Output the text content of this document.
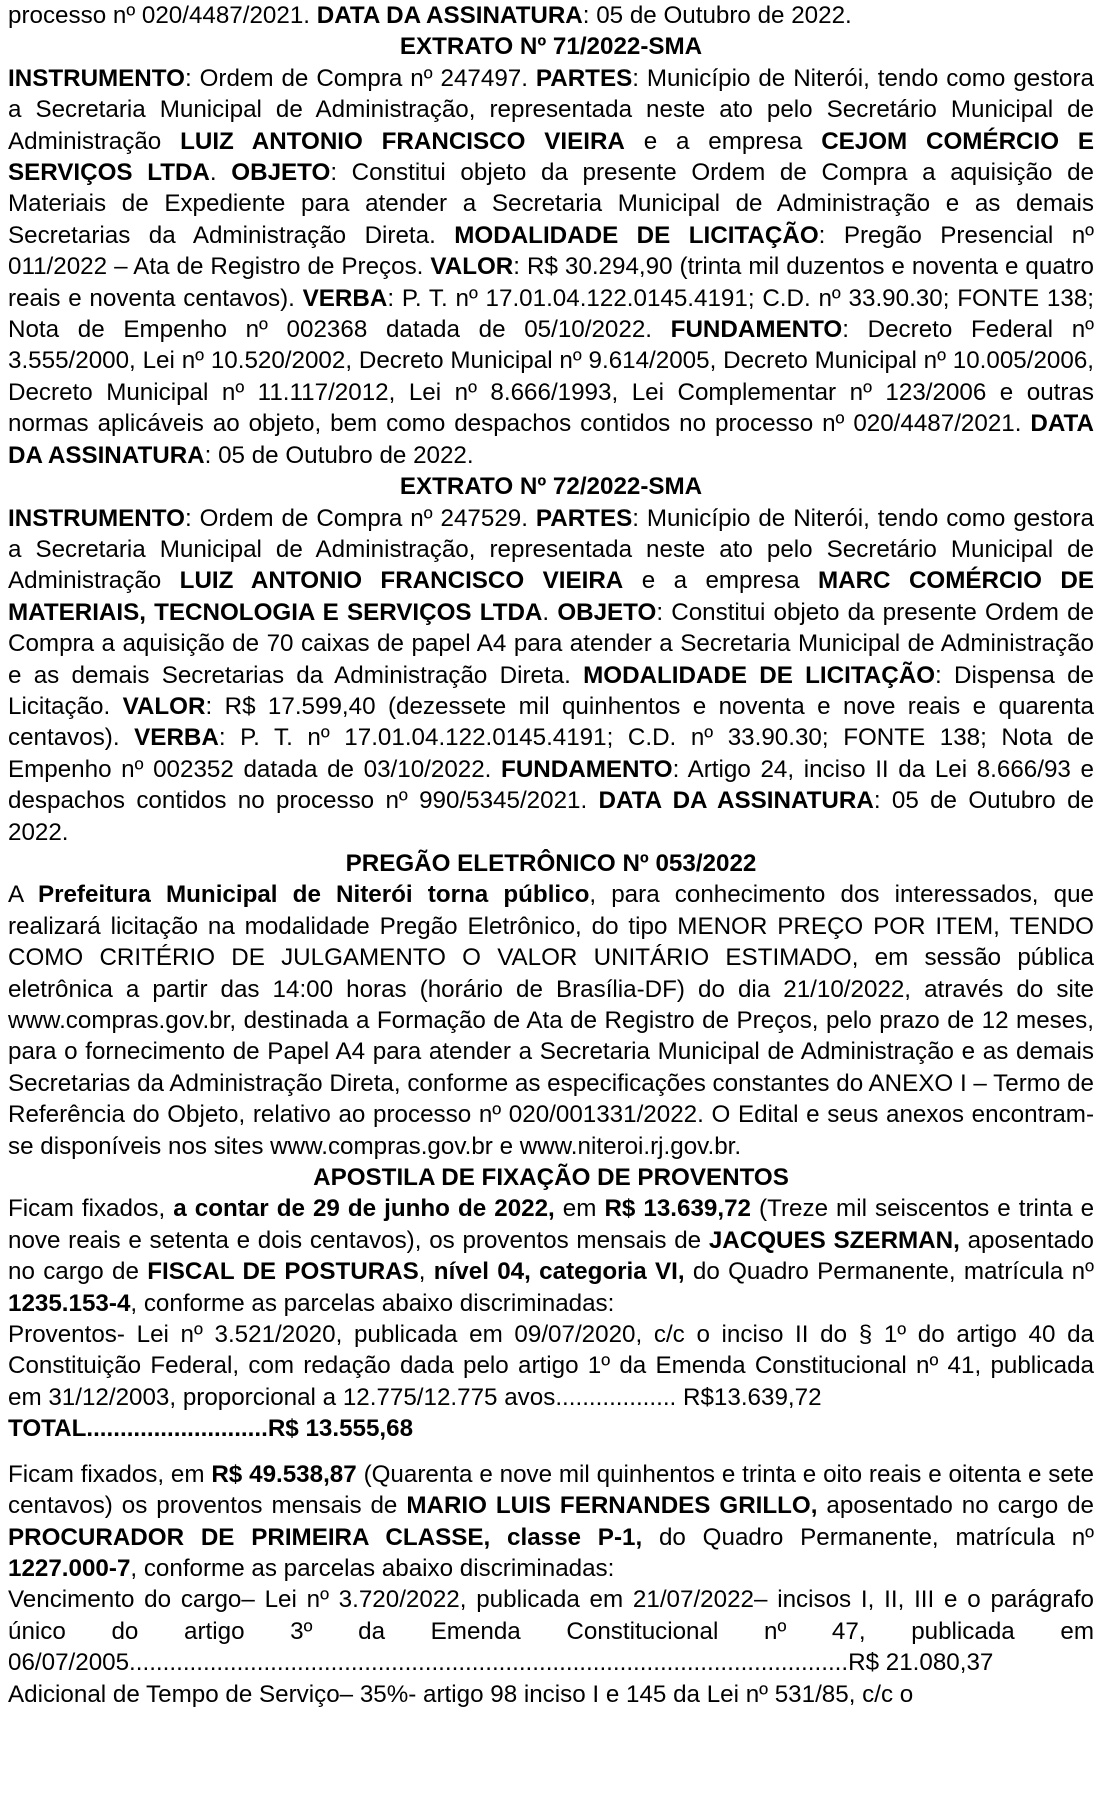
processo nº 020/4487/2021. DATA DA ASSINATURA: 05 de Outubro de 2022.

EXTRATO Nº 71/2022-SMA

INSTRUMENTO: Ordem de Compra nº 247497. PARTES: Município de Niterói, tendo como gestora a Secretaria Municipal de Administração, representada neste ato pelo Secretário Municipal de Administração LUIZ ANTONIO FRANCISCO VIEIRA e a empresa CEJOM COMÉRCIO E SERVIÇOS LTDA. OBJETO: Constitui objeto da presente Ordem de Compra a aquisição de Materiais de Expediente para atender a Secretaria Municipal de Administração e as demais Secretarias da Administração Direta. MODALIDADE DE LICITAÇÃO: Pregão Presencial nº 011/2022 – Ata de Registro de Preços. VALOR: R$ 30.294,90 (trinta mil duzentos e noventa e quatro reais e noventa centavos). VERBA: P. T. nº 17.01.04.122.0145.4191; C.D. nº 33.90.30; FONTE 138; Nota de Empenho nº 002368 datada de 05/10/2022. FUNDAMENTO: Decreto Federal nº 3.555/2000, Lei nº 10.520/2002, Decreto Municipal nº 9.614/2005, Decreto Municipal nº 10.005/2006, Decreto Municipal nº 11.117/2012, Lei nº 8.666/1993, Lei Complementar nº 123/2006 e outras normas aplicáveis ao objeto, bem como despachos contidos no processo nº 020/4487/2021. DATA DA ASSINATURA: 05 de Outubro de 2022.

EXTRATO Nº 72/2022-SMA

INSTRUMENTO: Ordem de Compra nº 247529. PARTES: Município de Niterói, tendo como gestora a Secretaria Municipal de Administração, representada neste ato pelo Secretário Municipal de Administração LUIZ ANTONIO FRANCISCO VIEIRA e a empresa MARC COMÉRCIO DE MATERIAIS, TECNOLOGIA E SERVIÇOS LTDA. OBJETO: Constitui objeto da presente Ordem de Compra a aquisição de 70 caixas de papel A4 para atender a Secretaria Municipal de Administração e as demais Secretarias da Administração Direta. MODALIDADE DE LICITAÇÃO: Dispensa de Licitação. VALOR: R$ 17.599,40 (dezessete mil quinhentos e noventa e nove reais e quarenta centavos). VERBA: P. T. nº 17.01.04.122.0145.4191; C.D. nº 33.90.30; FONTE 138; Nota de Empenho nº 002352 datada de 03/10/2022. FUNDAMENTO: Artigo 24, inciso II da Lei 8.666/93 e despachos contidos no processo nº 990/5345/2021. DATA DA ASSINATURA: 05 de Outubro de 2022.

PREGÃO ELETRÔNICO Nº 053/2022

A Prefeitura Municipal de Niterói torna público, para conhecimento dos interessados, que realizará licitação na modalidade Pregão Eletrônico, do tipo MENOR PREÇO POR ITEM, TENDO COMO CRITÉRIO DE JULGAMENTO O VALOR UNITÁRIO ESTIMADO, em sessão pública eletrônica a partir das 14:00 horas (horário de Brasília-DF) do dia 21/10/2022, através do site www.compras.gov.br, destinada a Formação de Ata de Registro de Preços, pelo prazo de 12 meses, para o fornecimento de Papel A4 para atender a Secretaria Municipal de Administração e as demais Secretarias da Administração Direta, conforme as especificações constantes do ANEXO I – Termo de Referência do Objeto, relativo ao processo nº 020/001331/2022. O Edital e seus anexos encontram-se disponíveis nos sites www.compras.gov.br e www.niteroi.rj.gov.br.

APOSTILA DE FIXAÇÃO DE PROVENTOS

Ficam fixados, a contar de 29 de junho de 2022, em R$ 13.639,72 (Treze mil seiscentos e trinta e nove reais e setenta e dois centavos), os proventos mensais de JACQUES SZERMAN, aposentado no cargo de FISCAL DE POSTURAS, nível 04, categoria VI, do Quadro Permanente, matrícula nº 1235.153-4, conforme as parcelas abaixo discriminadas:

Proventos- Lei nº 3.521/2020, publicada em 09/07/2020, c/c o inciso II do § 1º do artigo 40 da Constituição Federal, com redação dada pelo artigo 1º da Emenda Constitucional nº 41, publicada em 31/12/2003, proporcional a 12.775/12.775 avos.................. R$13.639,72

TOTAL...........................R$ 13.555,68

Ficam fixados, em R$ 49.538,87 (Quarenta e nove mil quinhentos e trinta e oito reais e oitenta e sete centavos) os proventos mensais de MARIO LUIS FERNANDES GRILLO, aposentado no cargo de PROCURADOR DE PRIMEIRA CLASSE, classe P-1, do Quadro Permanente, matrícula nº 1227.000-7, conforme as parcelas abaixo discriminadas:

Vencimento do cargo– Lei nº 3.720/2022, publicada em 21/07/2022– incisos I, II, III e o parágrafo único do artigo 3º da Emenda Constitucional nº 47, publicada em 06/07/2005...........................................................................................................R$ 21.080,37

Adicional de Tempo de Serviço– 35%- artigo 98 inciso I e 145 da Lei nº 531/85, c/c o
